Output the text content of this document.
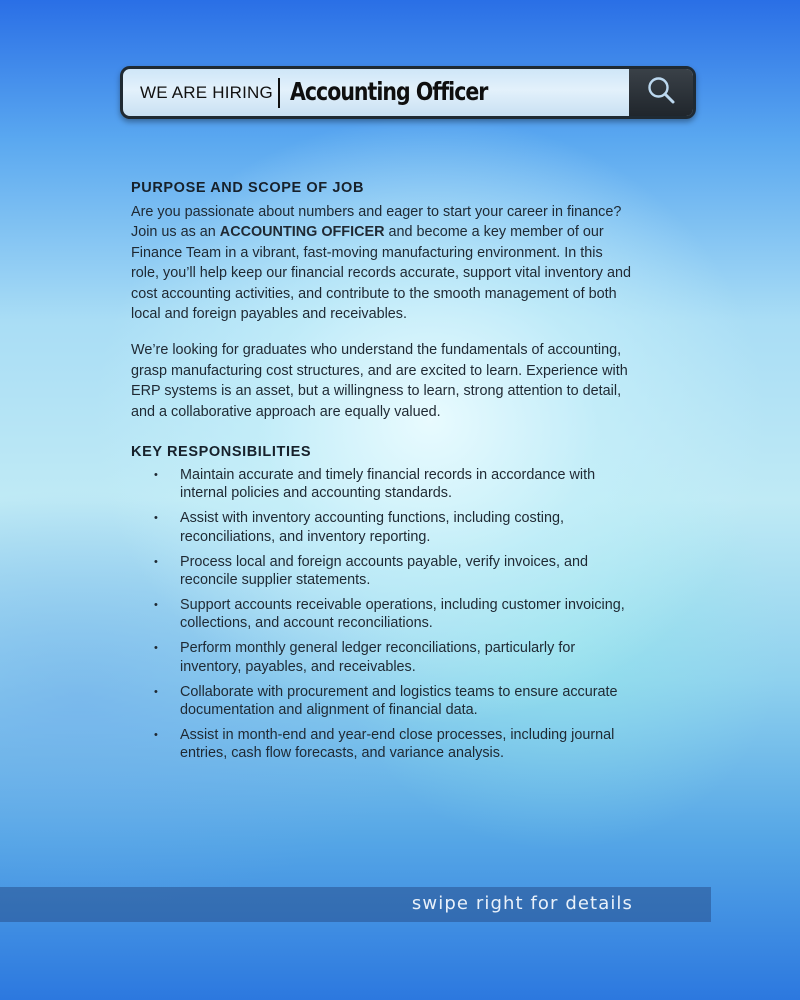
WE ARE HIRING Accounting Officer
PURPOSE AND SCOPE OF JOB

Are you passionate about numbers and eager to start your career in finance? Join us as an ACCOUNTING OFFICER and become a key member of our Finance Team in a vibrant, fast-moving manufacturing environment. In this role, you’ll help keep our financial records accurate, support vital inventory and cost accounting activities, and contribute to the smooth management of both local and foreign payables and receivables.

We’re looking for graduates who understand the fundamentals of accounting, grasp manufacturing cost structures, and are excited to learn. Experience with ERP systems is an asset, but a willingness to learn, strong attention to detail, and a collaborative approach are equally valued.

KEY RESPONSIBILITIES
• Maintain accurate and timely financial records in accordance with internal policies and accounting standards.
• Assist with inventory accounting functions, including costing, reconciliations, and inventory reporting.
• Process local and foreign accounts payable, verify invoices, and reconcile supplier statements.
• Support accounts receivable operations, including customer invoicing, collections, and account reconciliations.
• Perform monthly general ledger reconciliations, particularly for inventory, payables, and receivables.
• Collaborate with procurement and logistics teams to ensure accurate documentation and alignment of financial data.
• Assist in month-end and year-end close processes, including journal entries, cash flow forecasts, and variance analysis.
swipe right for details
